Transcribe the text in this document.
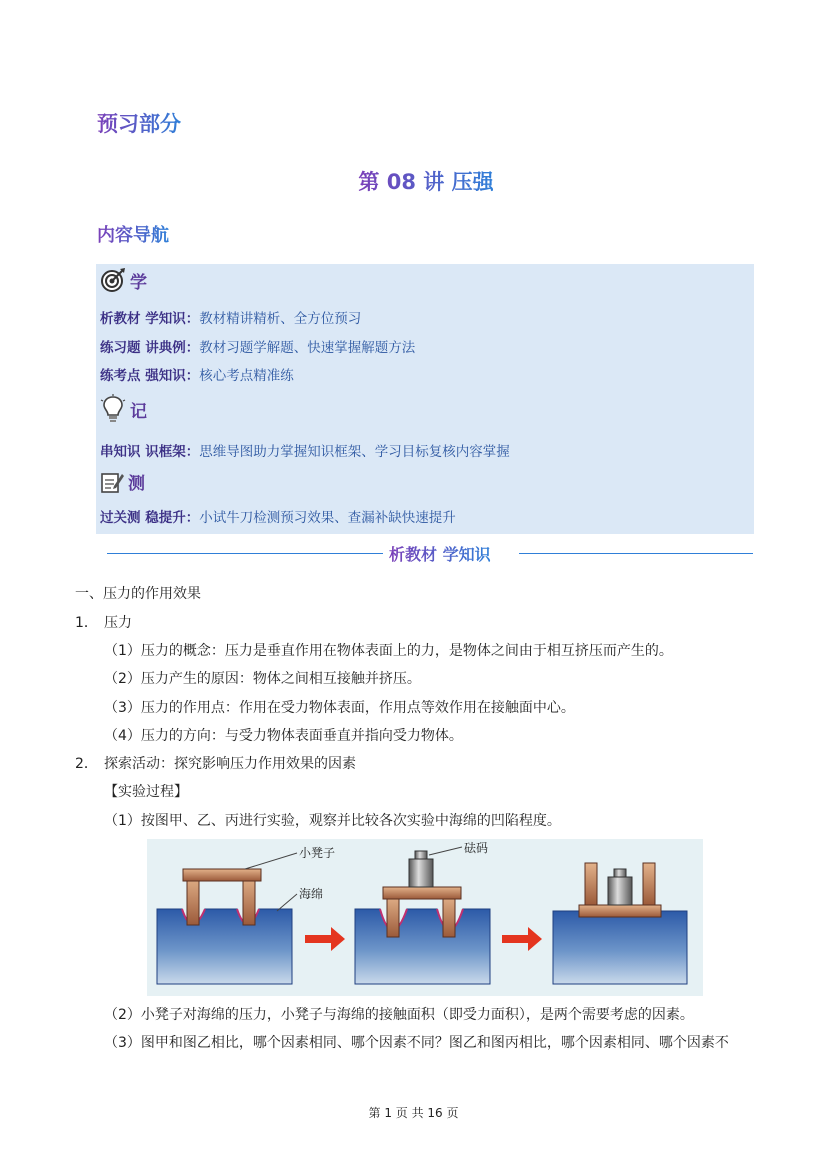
预习部分
第 08 讲 压强
内容导航
学
析教材 学知识：教材精讲精析、全方位预习
练习题 讲典例：教材习题学解题、快速掌握解题方法
练考点 强知识：核心考点精准练
记
串知识 识框架：思维导图助力掌握知识框架、学习目标复核内容掌握
测
过关测 稳提升：小试牛刀检测预习效果、查漏补缺快速提升
析教材 学知识
一、压力的作用效果
1． 压力
（1）压力的概念：压力是垂直作用在物体表面上的力，是物体之间由于相互挤压而产生的。
（2）压力产生的原因：物体之间相互接触并挤压。
（3）压力的作用点：作用在受力物体表面，作用点等效作用在接触面中心。
（4）压力的方向：与受力物体表面垂直并指向受力物体。
2． 探索活动：探究影响压力作用效果的因素
【实验过程】
（1）按图甲、乙、丙进行实验，观察并比较各次实验中海绵的凹陷程度。
小凳子
海绵
砝码
（2）小凳子对海绵的压力，小凳子与海绵的接触面积（即受力面积），是两个需要考虑的因素。
（3）图甲和图乙相比，哪个因素相同、哪个因素不同？图乙和图丙相比，哪个因素相同、哪个因素不
第 1 页 共 16 页
